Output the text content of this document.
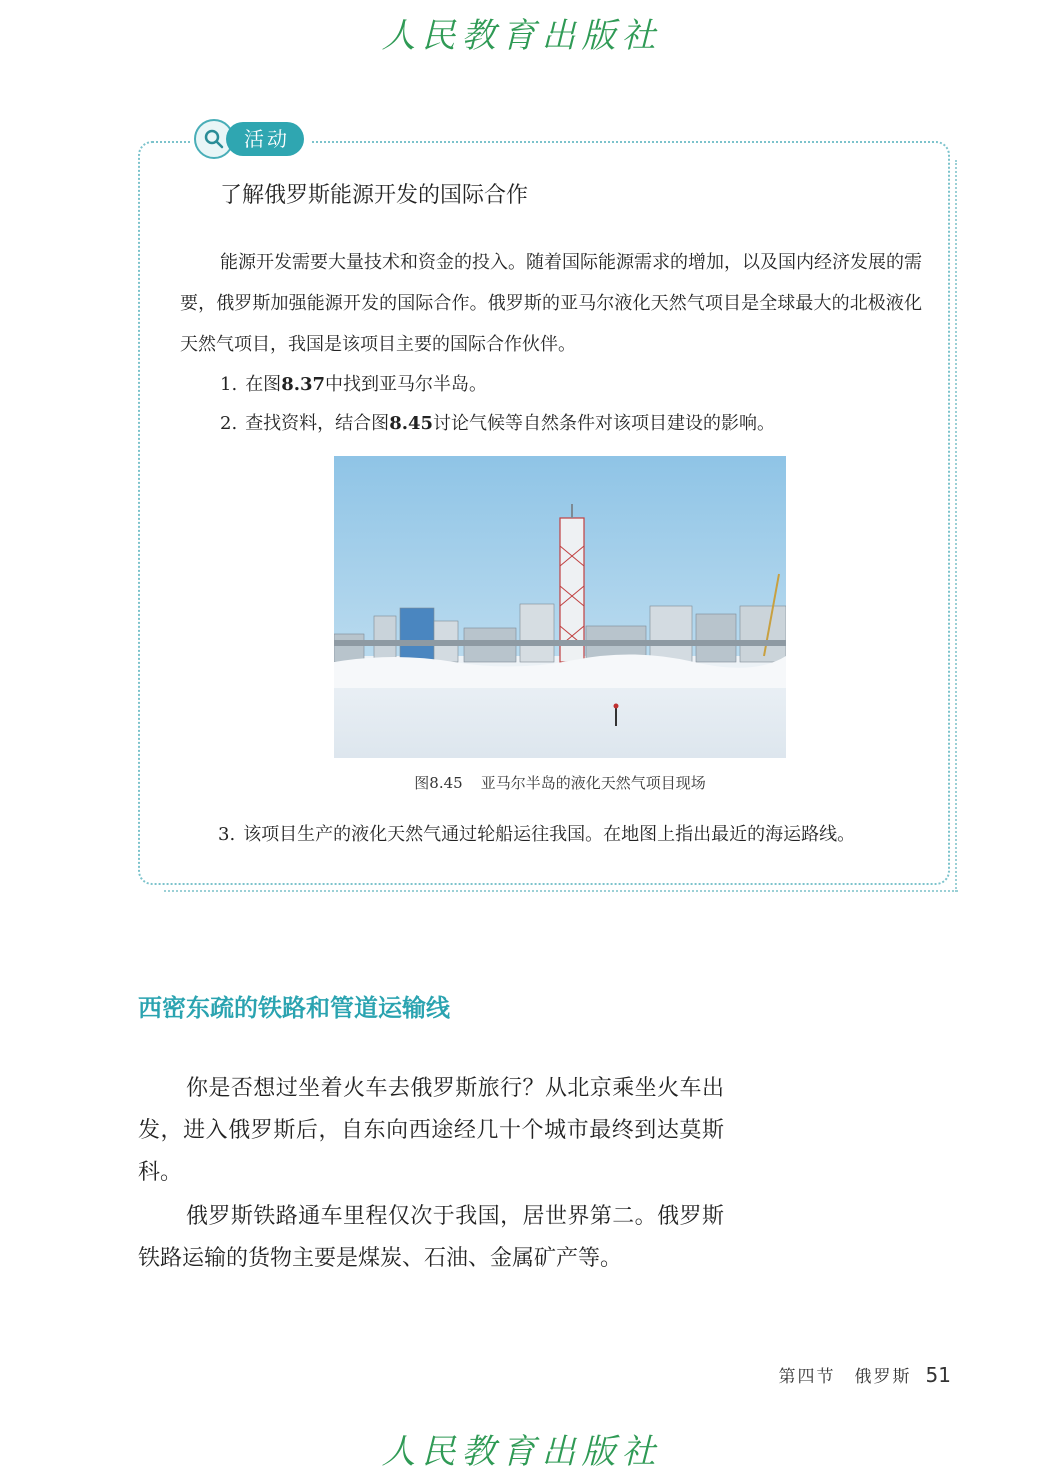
人民教育出版社
活动
了解俄罗斯能源开发的国际合作

能源开发需要大量技术和资金的投入。随着国际能源需求的增加，以及国内经济发展的需要，俄罗斯加强能源开发的国际合作。俄罗斯的亚马尔液化天然气项目是全球最大的北极液化天然气项目，我国是该项目主要的国际合作伙伴。

1. 在图8.37中找到亚马尔半岛。
2. 查找资料，结合图8.45讨论气候等自然条件对该项目建设的影响。
图8.45 亚马尔半岛的液化天然气项目现场
3. 该项目生产的液化天然气通过轮船运往我国。在地图上指出最近的海运路线。
西密东疏的铁路和管道运输线

你是否想过坐着火车去俄罗斯旅行？从北京乘坐火车出发，进入俄罗斯后，自东向西途经几十个城市最终到达莫斯科。

俄罗斯铁路通车里程仅次于我国，居世界第二。俄罗斯铁路运输的货物主要是煤炭、石油、金属矿产等。

第四节　俄罗斯 51
人民教育出版社
